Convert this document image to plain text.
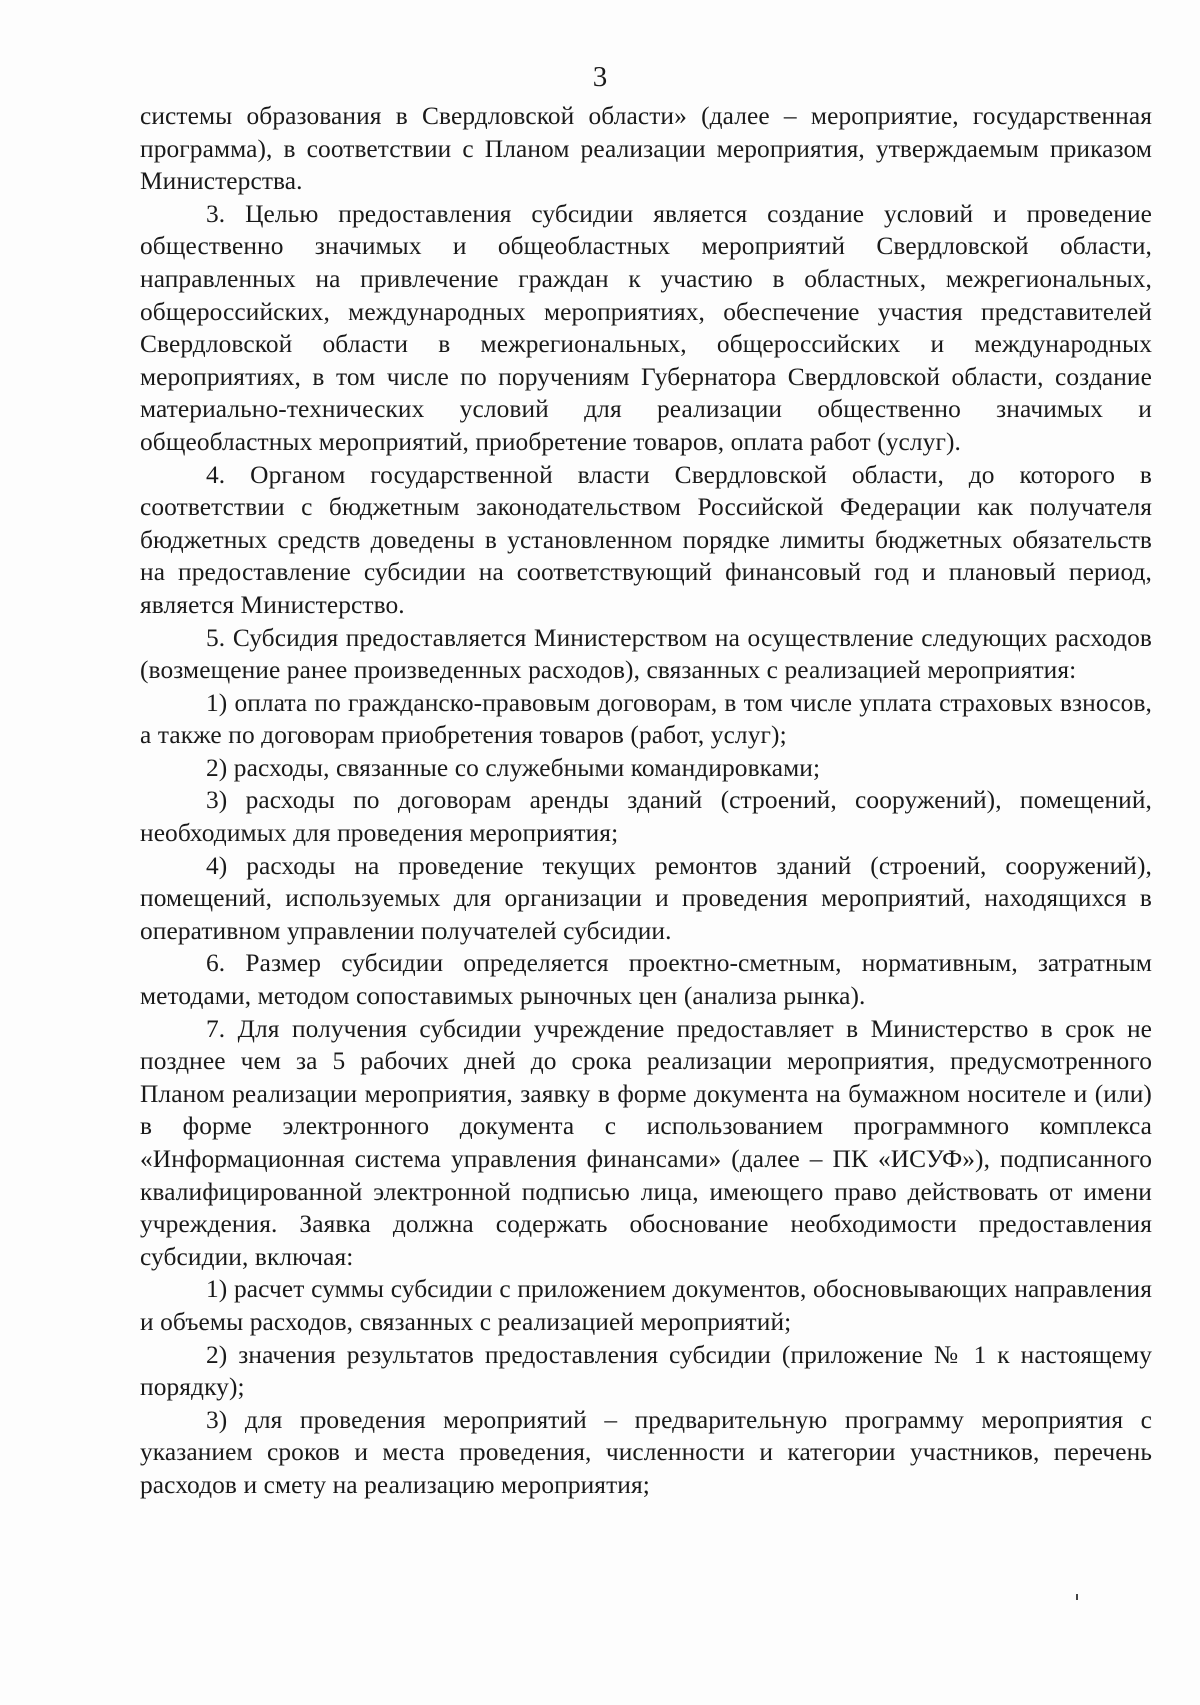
3

системы образования в Свердловской области» (далее – мероприятие, государственная программа), в соответствии с Планом реализации мероприятия, утверждаемым приказом Министерства.

3. Целью предоставления субсидии является создание условий и проведение общественно значимых и общеобластных мероприятий Свердловской области, направленных на привлечение граждан к участию в областных, межрегиональных, общероссийских, международных мероприятиях, обеспечение участия представителей Свердловской области в межрегиональных, общероссийских и международных мероприятиях, в том числе по поручениям Губернатора Свердловской области, создание материально-технических условий для реализации общественно значимых и общеобластных мероприятий, приобретение товаров, оплата работ (услуг).

4. Органом государственной власти Свердловской области, до которого в соответствии с бюджетным законодательством Российской Федерации как получателя бюджетных средств доведены в установленном порядке лимиты бюджетных обязательств на предоставление субсидии на соответствующий финансовый год и плановый период, является Министерство.

5. Субсидия предоставляется Министерством на осуществление следующих расходов (возмещение ранее произведенных расходов), связанных с реализацией мероприятия:

1) оплата по гражданско-правовым договорам, в том числе уплата страховых взносов, а также по договорам приобретения товаров (работ, услуг);

2) расходы, связанные со служебными командировками;

3) расходы по договорам аренды зданий (строений, сооружений), помещений, необходимых для проведения мероприятия;

4) расходы на проведение текущих ремонтов зданий (строений, сооружений), помещений, используемых для организации и проведения мероприятий, находящихся в оперативном управлении получателей субсидии.

6. Размер субсидии определяется проектно-сметным, нормативным, затратным методами, методом сопоставимых рыночных цен (анализа рынка).

7. Для получения субсидии учреждение предоставляет в Министерство в срок не позднее чем за 5 рабочих дней до срока реализации мероприятия, предусмотренного Планом реализации мероприятия, заявку в форме документа на бумажном носителе и (или) в форме электронного документа с использованием программного комплекса «Информационная система управления финансами» (далее – ПК «ИСУФ»), подписанного квалифицированной электронной подписью лица, имеющего право действовать от имени учреждения. Заявка должна содержать обоснование необходимости предоставления субсидии, включая:

1) расчет суммы субсидии с приложением документов, обосновывающих направления и объемы расходов, связанных с реализацией мероприятий;

2) значения результатов предоставления субсидии (приложение № 1 к настоящему порядку);

3) для проведения мероприятий – предварительную программу мероприятия с указанием сроков и места проведения, численности и категории участников, перечень расходов и смету на реализацию мероприятия;
